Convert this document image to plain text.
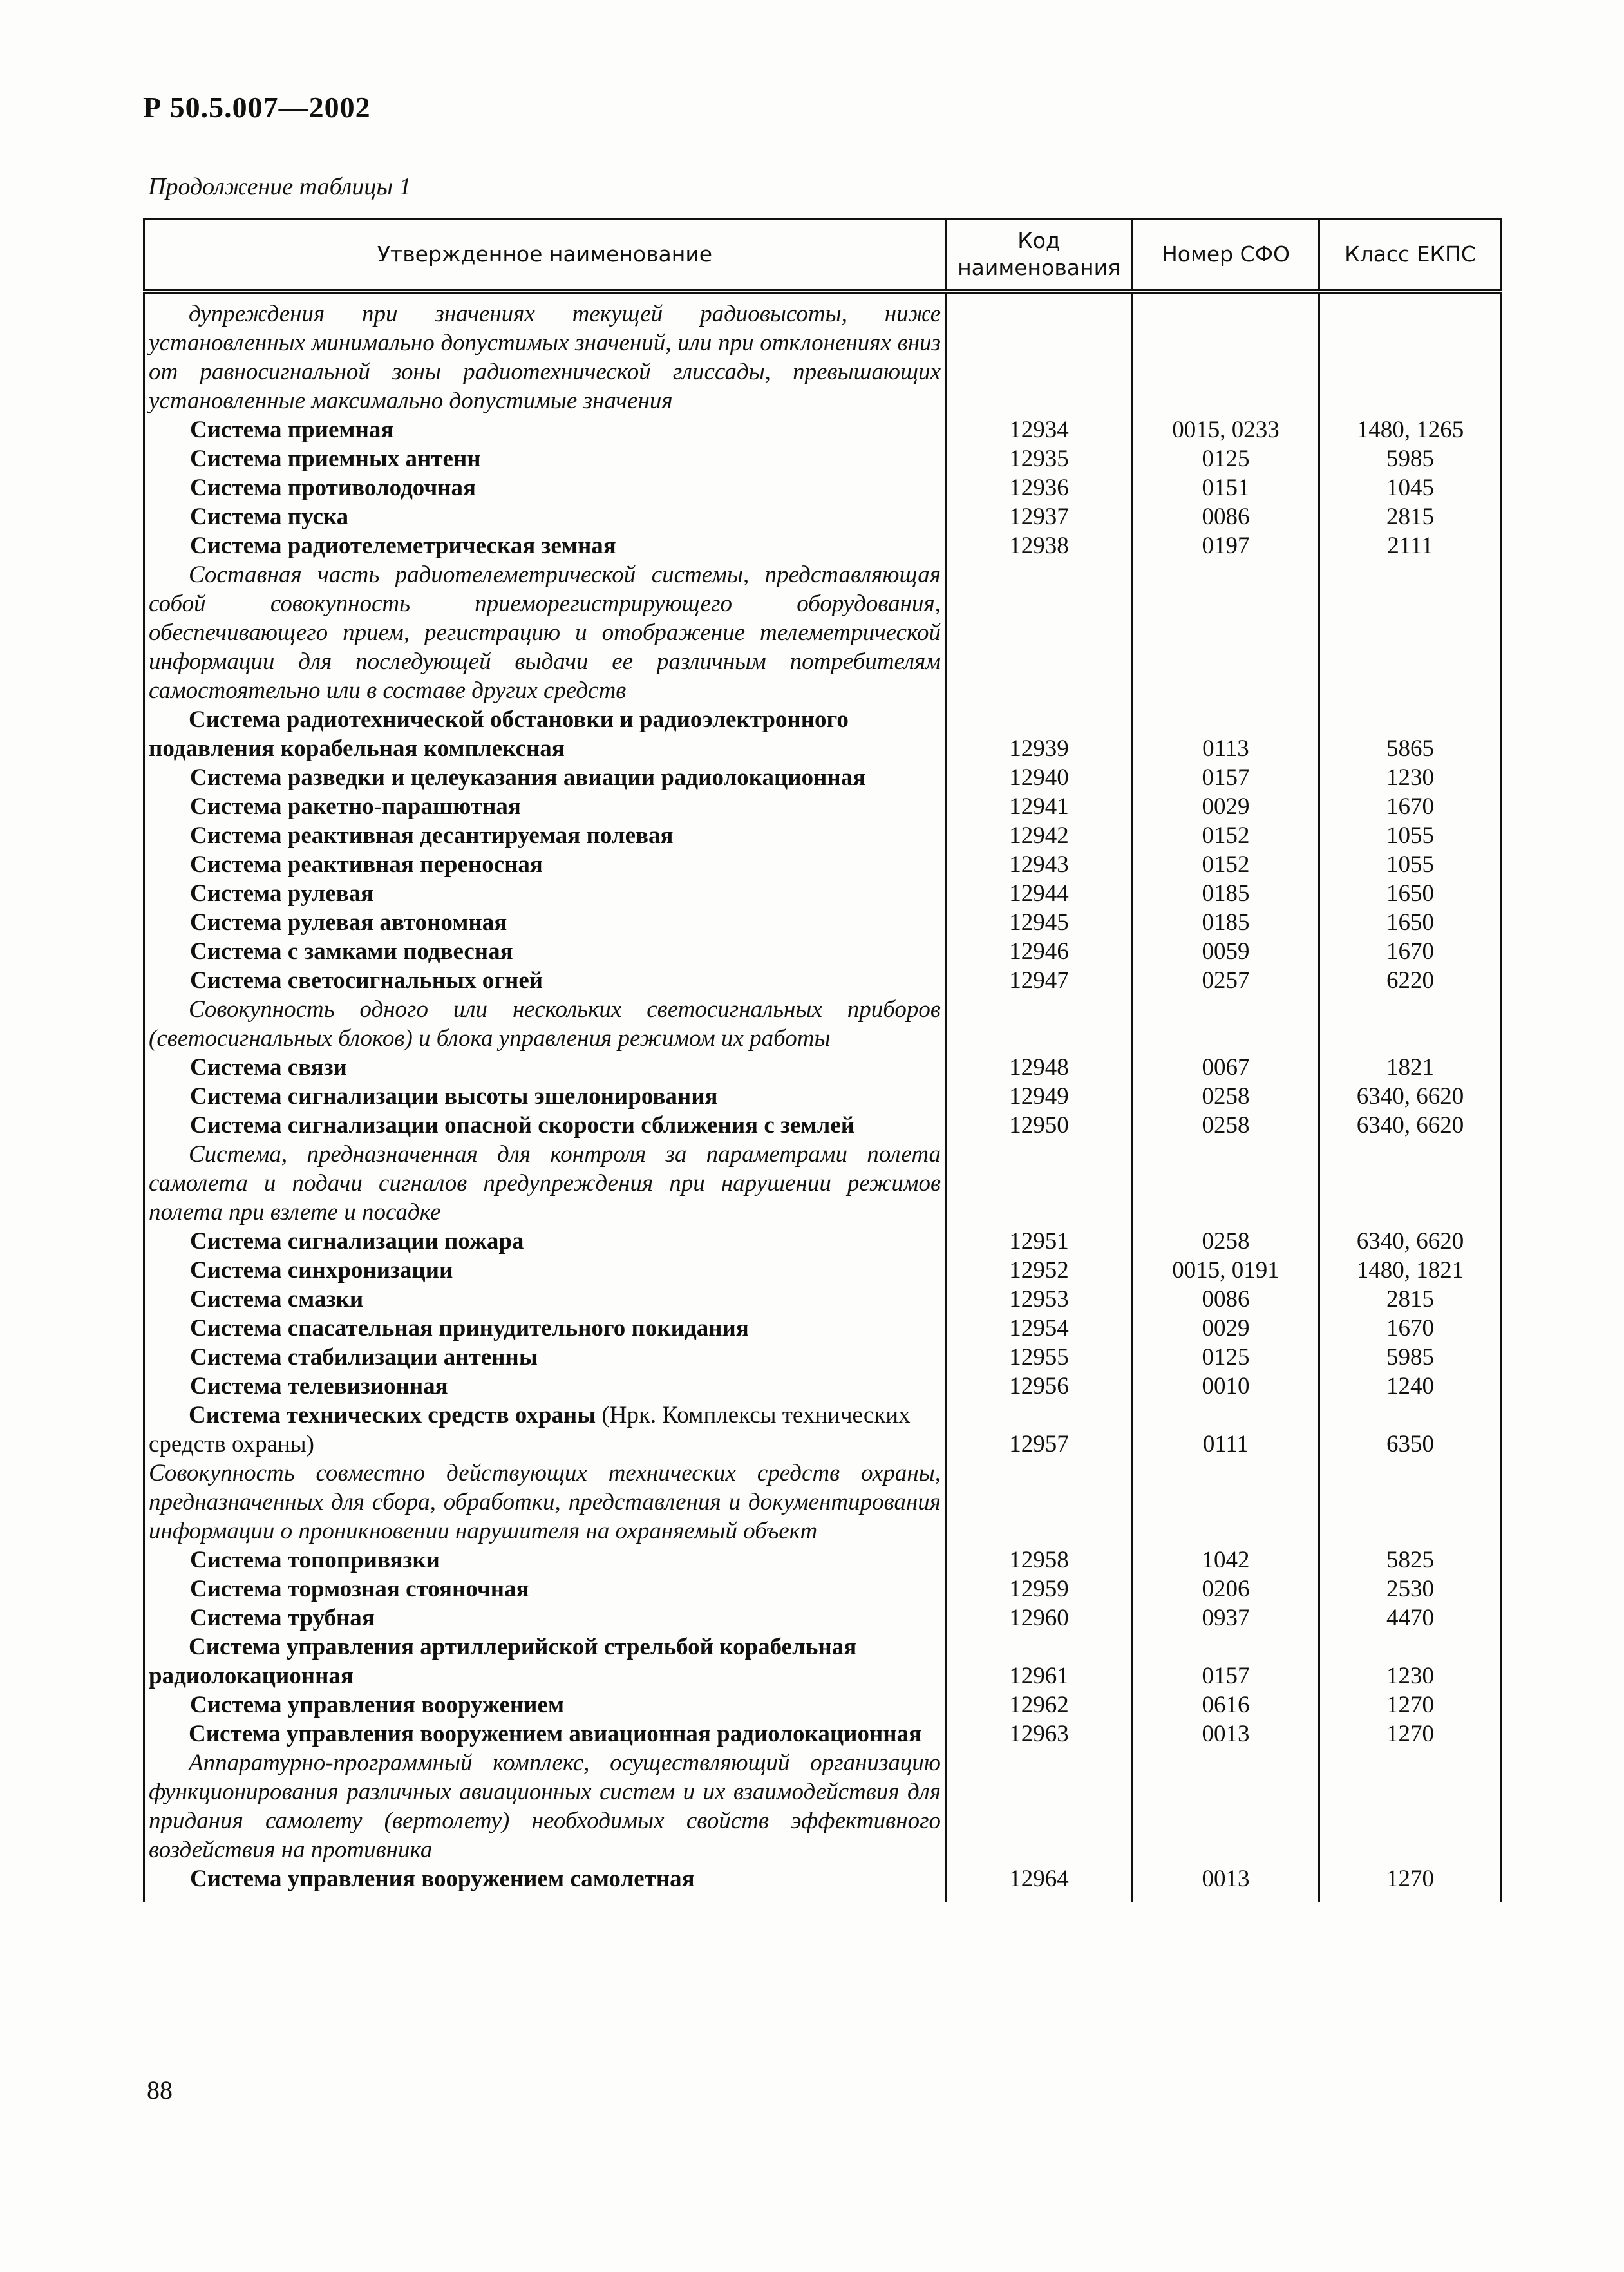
Р 50.5.007—2002
Продолжение таблицы 1
Утвержденное наименование	Код наименования	Номер СФО	Класс ЕКПС
дупреждения при значениях текущей радиовысоты, ниже установленных минимально допустимых значений, или при отклонениях вниз от равносигнальной зоны радиотехнической глиссады, превышающих установленные максимально допустимые значения			
Система приемная	12934	0015, 0233	1480, 1265
Система приемных антенн	12935	0125	5985
Система противолодочная	12936	0151	1045
Система пуска	12937	0086	2815
Система радиотелеметрическая земная	12938	0197	2111
Составная часть радиотелеметрической системы, представляющая собой совокупность приеморегистрирующего оборудования, обеспечивающего прием, регистрацию и отображение телеметрической информации для последующей выдачи ее различным потребителям самостоятельно или в составе других средств			
Система радиотехнической обстановки и радиоэлектронного подавления корабельная комплексная	12939	0113	5865
Система разведки и целеуказания авиации радиолокационная	12940	0157	1230
Система ракетно-парашютная	12941	0029	1670
Система реактивная десантируемая полевая	12942	0152	1055
Система реактивная переносная	12943	0152	1055
Система рулевая	12944	0185	1650
Система рулевая автономная	12945	0185	1650
Система с замками подвесная	12946	0059	1670
Система светосигнальных огней	12947	0257	6220
Совокупность одного или нескольких светосигнальных приборов (светосигнальных блоков) и блока управления режимом их работы			
Система связи	12948	0067	1821
Система сигнализации высоты эшелонирования	12949	0258	6340, 6620
Система сигнализации опасной скорости сближения с землей	12950	0258	6340, 6620
Система, предназначенная для контроля за параметрами полета самолета и подачи сигналов предупреждения при нарушении режимов полета при взлете и посадке			
Система сигнализации пожара	12951	0258	6340, 6620
Система синхронизации	12952	0015, 0191	1480, 1821
Система смазки	12953	0086	2815
Система спасательная принудительного покидания	12954	0029	1670
Система стабилизации антенны	12955	0125	5985
Система телевизионная	12956	0010	1240
Система технических средств охраны (Нрк. Комплексы технических средств охраны)	12957	0111	6350
Совокупность совместно действующих технических средств охраны, предназначенных для сбора, обработки, представления и документирования информации о проникновении нарушителя на охраняемый объект			
Система топопривязки	12958	1042	5825
Система тормозная стояночная	12959	0206	2530
Система трубная	12960	0937	4470
Система управления артиллерийской стрельбой корабельная радиолокационная	12961	0157	1230
Система управления вооружением	12962	0616	1270
Система управления вооружением авиационная радиолокационная	12963	0013	1270
Аппаратурно-программный комплекс, осуществляющий организацию функционирования различных авиационных систем и их взаимодействия для придания самолету (вертолету) необходимых свойств эффективного воздействия на противника			
Система управления вооружением самолетная	12964	0013	1270
88
